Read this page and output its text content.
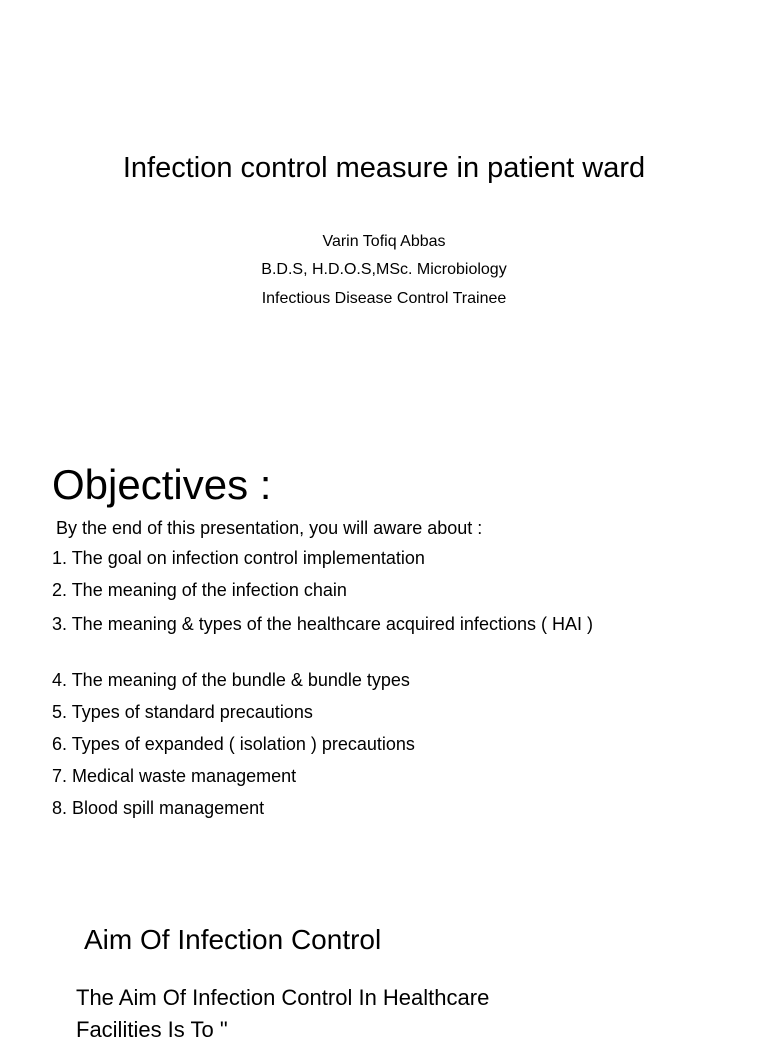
Infection control measure in patient ward
Varin Tofiq Abbas
B.D.S, H.D.O.S,MSc. Microbiology
Infectious Disease Control Trainee
Objectives :
By the end of this presentation, you will aware about :
1. The goal on infection control implementation
2. The meaning of the infection chain
3. The meaning & types of the healthcare acquired infections ( HAI )
4. The meaning of the bundle & bundle types
5. Types of standard precautions
6. Types of expanded ( isolation ) precautions
7. Medical waste management
8. Blood spill management
Aim Of Infection Control
The Aim Of Infection Control In Healthcare Facilities Is To "
